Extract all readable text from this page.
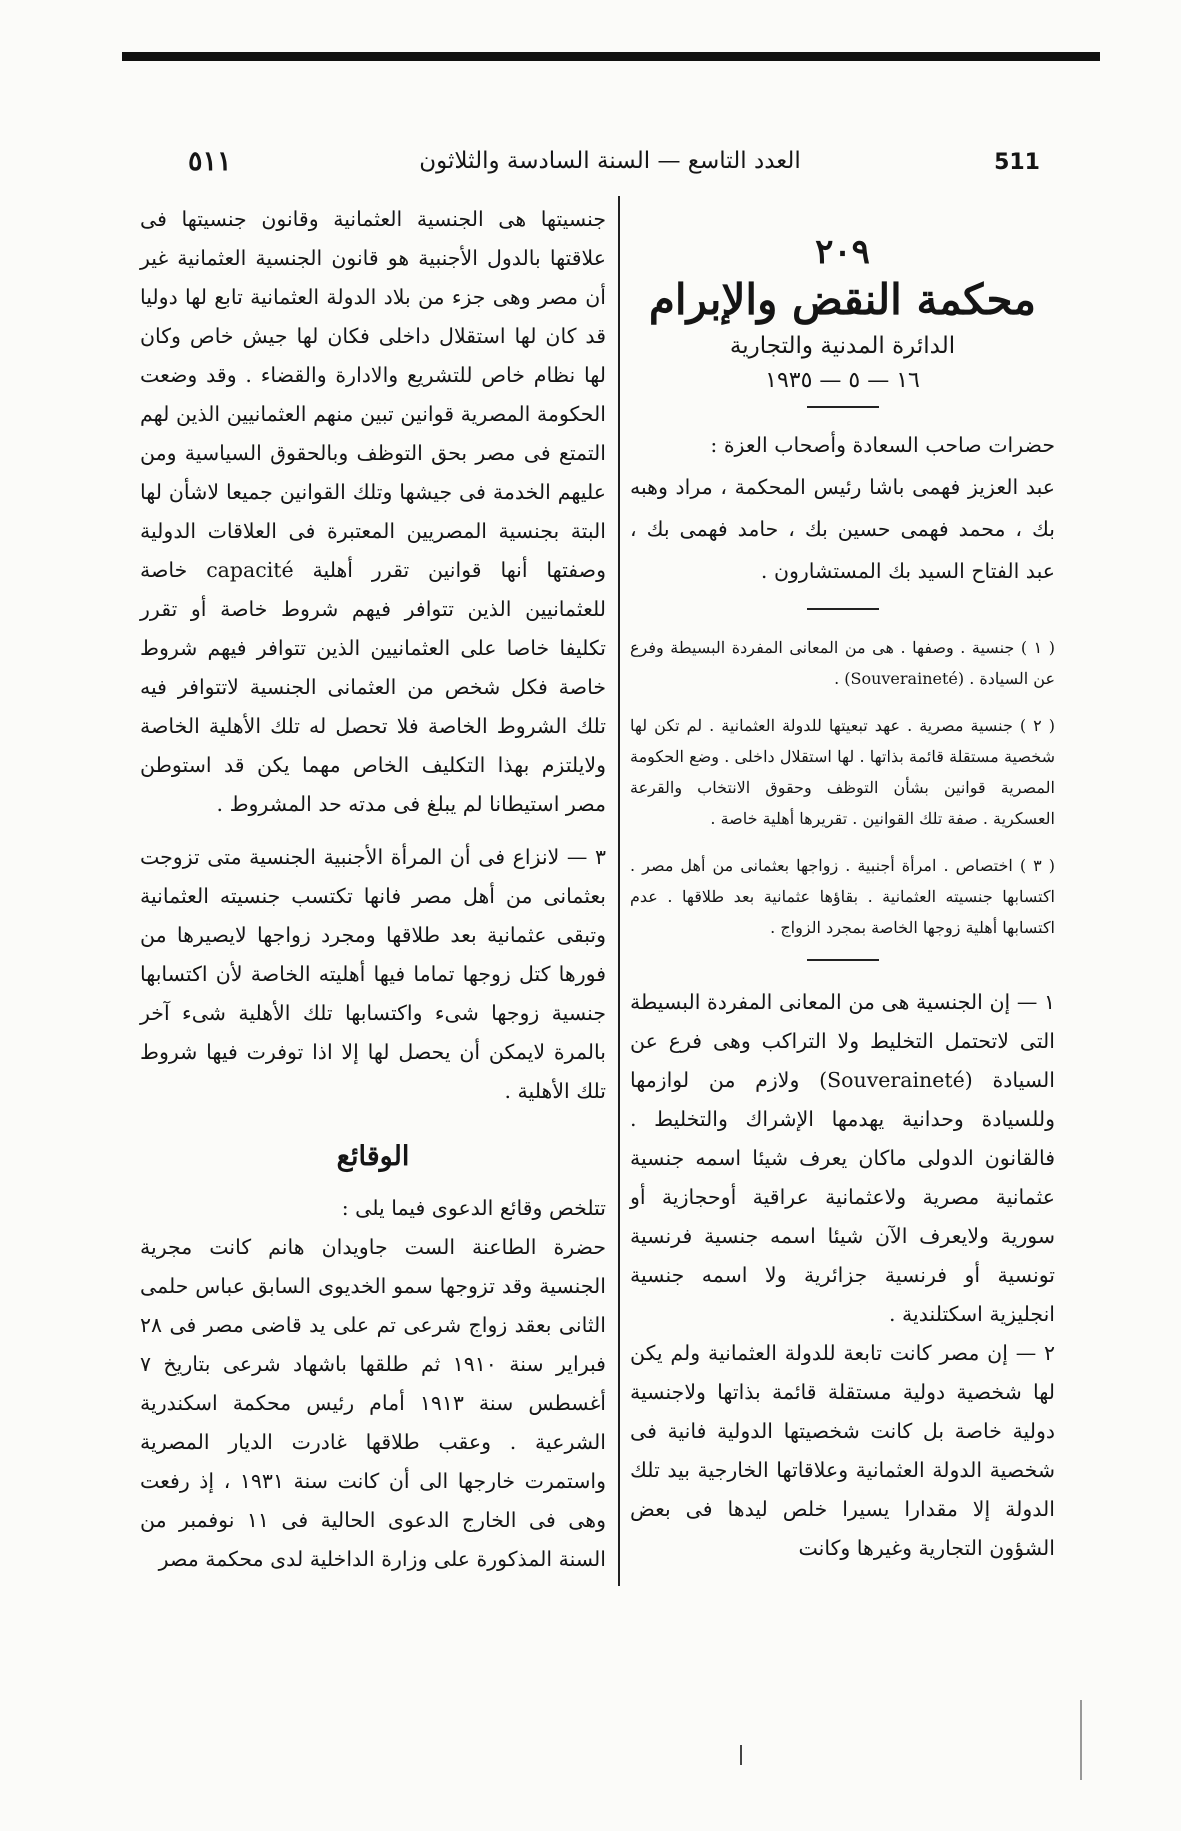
٥١١	العدد التاسع — السنة السادسة والثلاثون	511
٢٠٩
محكمة النقض والإبرام
الدائرة المدنية والتجارية
١٦ — ٥ — ١٩٣٥

حضرات صاحب السعادة وأصحاب العزة :

عبد العزيز فهمى باشا رئيس المحكمة ، مراد وهبه بك ، محمد فهمى حسين بك ، حامد فهمى بك ، عبد الفتاح السيد بك المستشارون .

( ١ ) جنسية . وصفها . هى من المعانى المفردة البسيطة وفرع عن السيادة . (Souveraineté) .

( ٢ ) جنسية مصرية . عهد تبعيتها للدولة العثمانية . لم تكن لها شخصية مستقلة قائمة بذاتها . لها استقلال داخلى . وضع الحكومة المصرية قوانين بشأن التوظف وحقوق الانتخاب والقرعة العسكرية . صفة تلك القوانين . تقريرها أهلية خاصة .

( ٣ ) اختصاص . امرأة أجنبية . زواجها بعثمانى من أهل مصر . اكتسابها جنسيته العثمانية . بقاؤها عثمانية بعد طلاقها . عدم اكتسابها أهلية زوجها الخاصة بمجرد الزواج .

١ — إن الجنسية هى من المعانى المفردة البسيطة التى لاتحتمل التخليط ولا التراكب وهى فرع عن السيادة (Souveraineté) ولازم من لوازمها وللسيادة وحدانية يهدمها الإشراك والتخليط . فالقانون الدولى ماكان يعرف شيئا اسمه جنسية عثمانية مصرية ولاعثمانية عراقية أوحجازية أو سورية ولايعرف الآن شيئا اسمه جنسية فرنسية تونسية أو فرنسية جزائرية ولا اسمه جنسية انجليزية اسكتلندية .

٢ — إن مصر كانت تابعة للدولة العثمانية ولم يكن لها شخصية دولية مستقلة قائمة بذاتها ولاجنسية دولية خاصة بل كانت شخصيتها الدولية فانية فى شخصية الدولة العثمانية وعلاقاتها الخارجية بيد تلك الدولة إلا مقدارا يسيرا خلص ليدها فى بعض الشؤون التجارية وغيرها وكانت

جنسيتها هى الجنسية العثمانية وقانون جنسيتها فى علاقتها بالدول الأجنبية هو قانون الجنسية العثمانية غير أن مصر وهى جزء من بلاد الدولة العثمانية تابع لها دوليا قد كان لها استقلال داخلى فكان لها جيش خاص وكان لها نظام خاص للتشريع والادارة والقضاء . وقد وضعت الحكومة المصرية قوانين تبين منهم العثمانيين الذين لهم التمتع فى مصر بحق التوظف وبالحقوق السياسية ومن عليهم الخدمة فى جيشها وتلك القوانين جميعا لاشأن لها البتة بجنسية المصريين المعتبرة فى العلاقات الدولية وصفتها أنها قوانين تقرر أهلية capacité خاصة للعثمانيين الذين تتوافر فيهم شروط خاصة أو تقرر تكليفا خاصا على العثمانيين الذين تتوافر فيهم شروط خاصة فكل شخص من العثمانى الجنسية لاتتوافر فيه تلك الشروط الخاصة فلا تحصل له تلك الأهلية الخاصة ولايلتزم بهذا التكليف الخاص مهما يكن قد استوطن مصر استيطانا لم يبلغ فى مدته حد المشروط .

٣ — لانزاع فى أن المرأة الأجنبية الجنسية متى تزوجت بعثمانى من أهل مصر فانها تكتسب جنسيته العثمانية وتبقى عثمانية بعد طلاقها ومجرد زواجها لايصيرها من فورها كتل زوجها تماما فيها أهليته الخاصة لأن اكتسابها جنسية زوجها شىء واكتسابها تلك الأهلية شىء آخر بالمرة لايمكن أن يحصل لها إلا اذا توفرت فيها شروط تلك الأهلية .

الوقائع

تتلخص وقائع الدعوى فيما يلى :

حضرة الطاعنة الست جاويدان هانم كانت مجرية الجنسية وقد تزوجها سمو الخديوى السابق عباس حلمى الثانى بعقد زواج شرعى تم على يد قاضى مصر فى ٢٨ فبراير سنة ١٩١٠ ثم طلقها باشهاد شرعى بتاريخ ٧ أغسطس سنة ١٩١٣ أمام رئيس محكمة اسكندرية الشرعية . وعقب طلاقها غادرت الديار المصرية واستمرت خارجها الى أن كانت سنة ١٩٣١ ، إذ رفعت وهى فى الخارج الدعوى الحالية فى ١١ نوفمبر من السنة المذكورة على وزارة الداخلية لدى محكمة مصر
